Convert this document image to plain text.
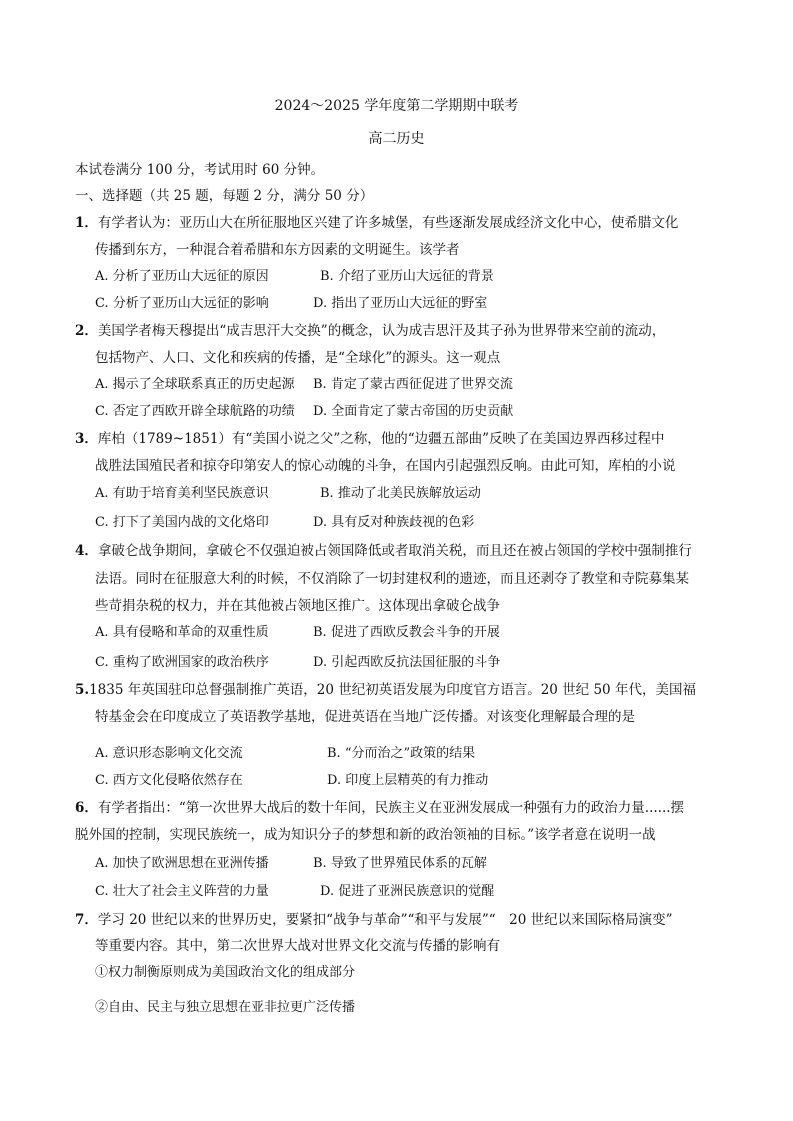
2024～2025 学年度第二学期期中联考
高二历史
本试卷满分 100 分，考试用时 60 分钟。
一、选择题（共 25 题，每题 2 分，满分 50 分）
1．有学者认为：亚历山大在所征服地区兴建了许多城堡，有些逐渐发展成经济文化中心，使希腊文化
传播到东方，一种混合着希腊和东方因素的文明诞生。该学者
A. 分析了亚历山大远征的原因	B. 介绍了亚历山大远征的背景
C. 分析了亚历山大远征的影响	D. 指出了亚历山大远征的野室
2．美国学者梅天穆提出“成吉思汗大交换”的概念，认为成吉思汗及其子孙为世界带来空前的流动，
包括物产、人口、文化和疾病的传播，是“全球化”的源头。这一观点
A. 揭示了全球联系真正的历史起源 B. 肯定了蒙古西征促进了世界交流
C. 否定了西欧开辟全球航路的功绩 D. 全面肯定了蒙古帝国的历史贡献
3．库柏（1789~1851）有“美国小说之父”之称，他的“边疆五部曲”反映了在美国边界西移过程中
战胜法国殖民者和掠夺印第安人的惊心动魄的斗争，在国内引起强烈反响。由此可知，库柏的小说
A. 有助于培育美利坚民族意识	B. 推动了北美民族解放运动
C. 打下了美国内战的文化烙印	D. 具有反对种族歧视的色彩
4．拿破仑战争期间，拿破仑不仅强迫被占领国降低或者取消关税，而且还在被占领国的学校中强制推行
法语。同时在征服意大利的时候，不仅消除了一切封建权利的遗迹，而且还剥夺了教堂和寺院募集某
些苛捐杂税的权力，并在其他被占领地区推广。这体现出拿破仑战争
A. 具有侵略和革命的双重性质	B. 促进了西欧反教会斗争的开展
C. 重构了欧洲国家的政治秩序	D. 引起西欧反抗法国征服的斗争
5.1835 年英国驻印总督强制推广英语，20 世纪初英语发展为印度官方语言。20 世纪 50 年代，美国福
特基金会在印度成立了英语教学基地，促进英语在当地广泛传播。对该变化理解最合理的是
A. 意识形态影响文化交流	B. “分而治之”政策的结果
C. 西方文化侵略依然存在	D. 印度上层精英的有力推动
6．有学者指出：“第一次世界大战后的数十年间，民族主义在亚洲发展成一种强有力的政治力量......摆
脱外国的控制，实现民族统一，成为知识分子的梦想和新的政治领袖的目标。”该学者意在说明一战
A. 加快了欧洲思想在亚洲传播	B. 导致了世界殖民体系的瓦解
C. 壮大了社会主义阵营的力量	D. 促进了亚洲民族意识的觉醒
7．学习 20 世纪以来的世界历史，要紧扣“战争与革命”“和平与发展”“　20 世纪以来国际格局演变”
等重要内容。其中，第二次世界大战对世界文化交流与传播的影响有
①权力制衡原则成为美国政治文化的组成部分
②自由、民主与独立思想在亚非拉更广泛传播
